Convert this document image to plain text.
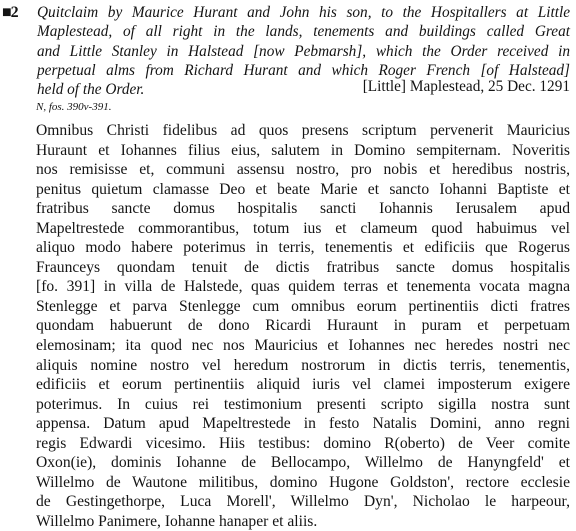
■2 Quitclaim by Maurice Hurant and John his son, to the Hospitallers at Little
Maplestead, of all right in the lands, tenements and buildings called Great
and Little Stanley in Halstead [now Pebmarsh], which the Order received in
perpetual alms from Richard Hurant and which Roger French [of Halstead]
held of the Order.	[Little] Maplestead, 25 Dec. 1291
N, fos. 390v-391.
Omnibus Christi fidelibus ad quos presens scriptum pervenerit Mauricius
Huraunt et Iohannes filius eius, salutem in Domino sempiternam. Noveritis
nos remisisse et, communi assensu nostro, pro nobis et heredibus nostris,
penitus quietum clamasse Deo et beate Marie et sancto Iohanni Baptiste et
fratribus sancte domus hospitalis sancti Iohannis Ierusalem apud
Mapeltrestede commorantibus, totum ius et clameum quod habuimus vel
aliquo modo habere poterimus in terris, tenementis et edificiis que Rogerus
Fraunceys quondam tenuit de dictis fratribus sancte domus hospitalis
[fo. 391] in villa de Halstede, quas quidem terras et tenementa vocata magna
Stenlegge et parva Stenlegge cum omnibus eorum pertinentiis dicti fratres
quondam habuerunt de dono Ricardi Huraunt in puram et perpetuam
elemosinam; ita quod nec nos Mauricius et Iohannes nec heredes nostri nec
aliquis nomine nostro vel heredum nostrorum in dictis terris, tenementis,
edificiis et eorum pertinentiis aliquid iuris vel clamei imposterum exigere
poterimus. In cuius rei testimonium presenti scripto sigilla nostra sunt
appensa. Datum apud Mapeltrestede in festo Natalis Domini, anno regni
regis Edwardi vicesimo. Hiis testibus: domino R(oberto) de Veer comite
Oxon(ie), dominis Iohanne de Bellocampo, Willelmo de Hanyngfeld' et
Willelmo de Wautone militibus, domino Hugone Goldston', rectore ecclesie
de Gestingethorpe, Luca Morell', Willelmo Dyn', Nicholao le harpeour,
Willelmo Panimere, Iohanne hanaper et aliis.
